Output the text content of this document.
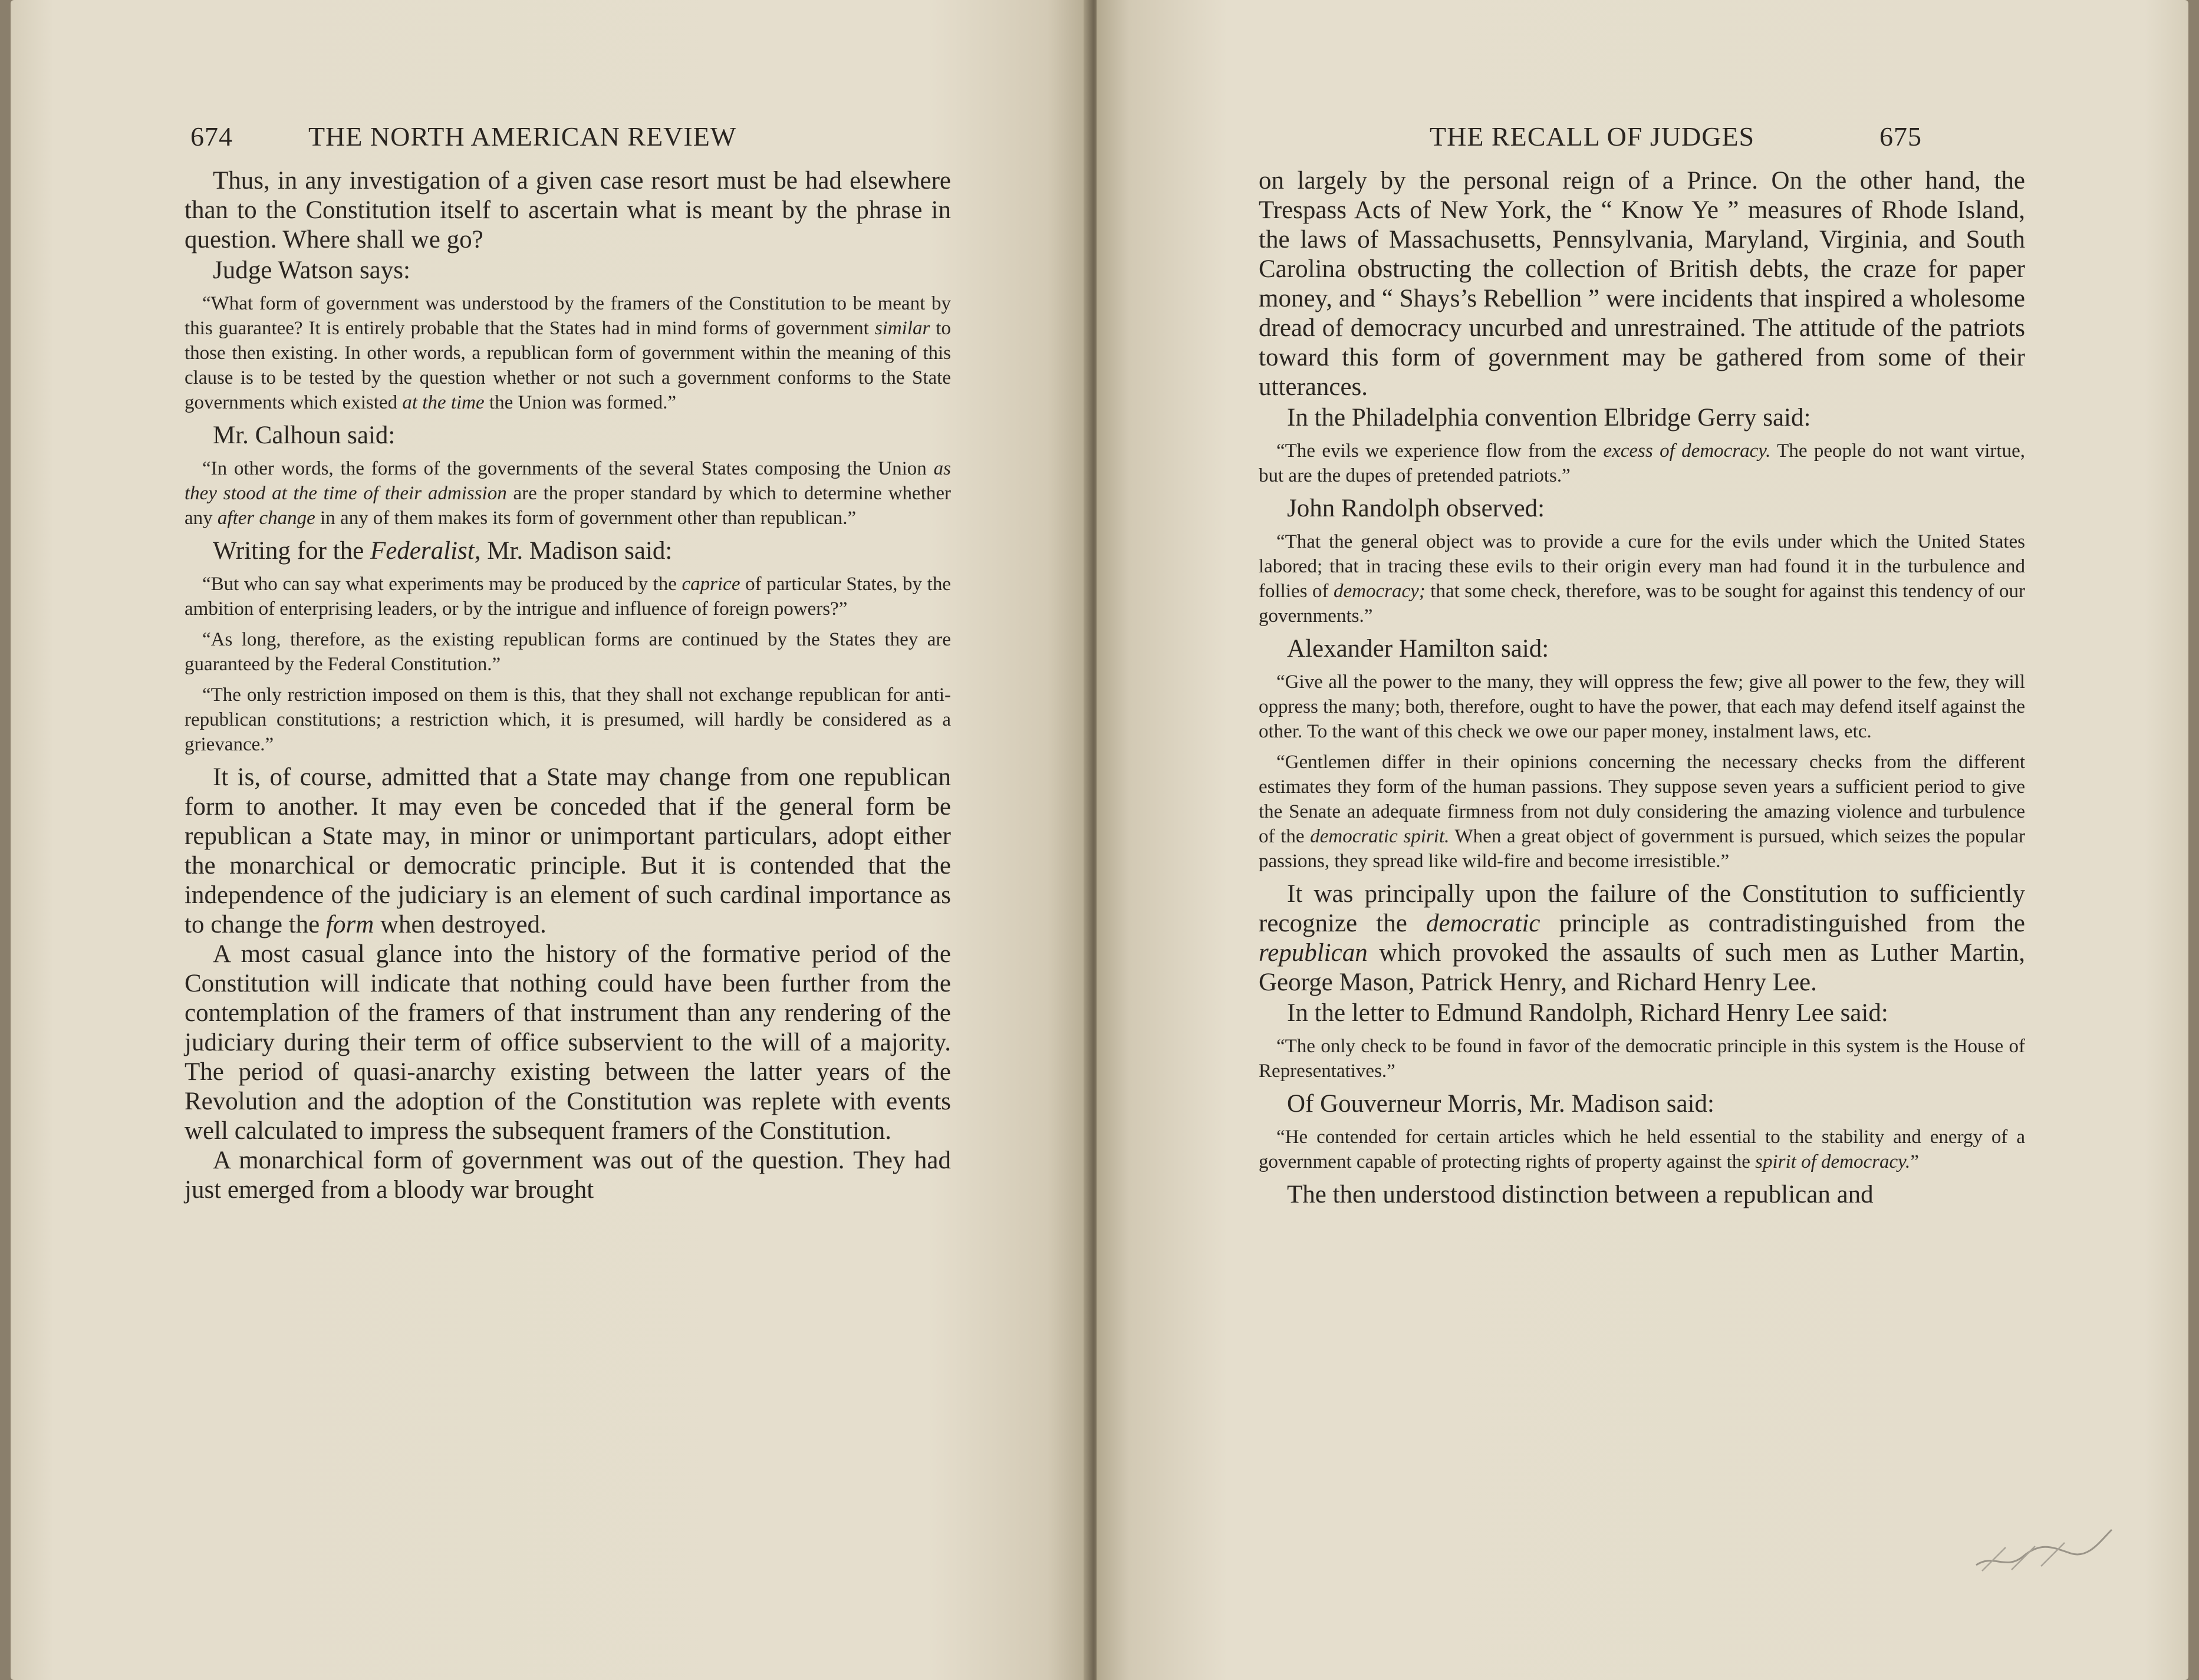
674	THE NORTH AMERICAN REVIEW

Thus, in any investigation of a given case resort must be had elsewhere than to the Constitution itself to ascertain what is meant by the phrase in question. Where shall we go?

Judge Watson says:

“What form of government was understood by the framers of the Constitution to be meant by this guarantee? It is entirely probable that the States had in mind forms of government similar to those then existing. In other words, a republican form of government within the meaning of this clause is to be tested by the question whether or not such a government conforms to the State governments which existed at the time the Union was formed.”

Mr. Calhoun said:

“In other words, the forms of the governments of the several States composing the Union as they stood at the time of their admission are the proper standard by which to determine whether any after change in any of them makes its form of government other than republican.”

Writing for the Federalist, Mr. Madison said:

“But who can say what experiments may be produced by the caprice of particular States, by the ambition of enterprising leaders, or by the intrigue and influence of foreign powers?”

“As long, therefore, as the existing republican forms are continued by the States they are guaranteed by the Federal Constitution.”

“The only restriction imposed on them is this, that they shall not exchange republican for anti-republican constitutions; a restriction which, it is presumed, will hardly be considered as a grievance.”

It is, of course, admitted that a State may change from one republican form to another. It may even be conceded that if the general form be republican a State may, in minor or unimportant particulars, adopt either the monarchical or democratic principle. But it is contended that the independence of the judiciary is an element of such cardinal importance as to change the form when destroyed.

A most casual glance into the history of the formative period of the Constitution will indicate that nothing could have been further from the contemplation of the framers of that instrument than any rendering of the judiciary during their term of office subservient to the will of a majority. The period of quasi-anarchy existing between the latter years of the Revolution and the adoption of the Constitution was replete with events well calculated to impress the subsequent framers of the Constitution.

A monarchical form of government was out of the question. They had just emerged from a bloody war brought

THE RECALL OF JUDGES	675

on largely by the personal reign of a Prince. On the other hand, the Trespass Acts of New York, the “ Know Ye ” measures of Rhode Island, the laws of Massachusetts, Pennsylvania, Maryland, Virginia, and South Carolina obstructing the collection of British debts, the craze for paper money, and “ Shays’s Rebellion ” were incidents that inspired a wholesome dread of democracy uncurbed and unrestrained. The attitude of the patriots toward this form of government may be gathered from some of their utterances.

In the Philadelphia convention Elbridge Gerry said:

“The evils we experience flow from the excess of democracy. The people do not want virtue, but are the dupes of pretended patriots.”

John Randolph observed:

“That the general object was to provide a cure for the evils under which the United States labored; that in tracing these evils to their origin every man had found it in the turbulence and follies of democracy; that some check, therefore, was to be sought for against this tendency of our governments.”

Alexander Hamilton said:

“Give all the power to the many, they will oppress the few; give all power to the few, they will oppress the many; both, therefore, ought to have the power, that each may defend itself against the other. To the want of this check we owe our paper money, instalment laws, etc.

“Gentlemen differ in their opinions concerning the necessary checks from the different estimates they form of the human passions. They suppose seven years a sufficient period to give the Senate an adequate firmness from not duly considering the amazing violence and turbulence of the democratic spirit. When a great object of government is pursued, which seizes the popular passions, they spread like wild-fire and become irresistible.”

It was principally upon the failure of the Constitution to sufficiently recognize the democratic principle as contradistinguished from the republican which provoked the assaults of such men as Luther Martin, George Mason, Patrick Henry, and Richard Henry Lee.

In the letter to Edmund Randolph, Richard Henry Lee said:

“The only check to be found in favor of the democratic principle in this system is the House of Representatives.”

Of Gouverneur Morris, Mr. Madison said:

“He contended for certain articles which he held essential to the stability and energy of a government capable of protecting rights of property against the spirit of democracy.”

The then understood distinction between a republican and
